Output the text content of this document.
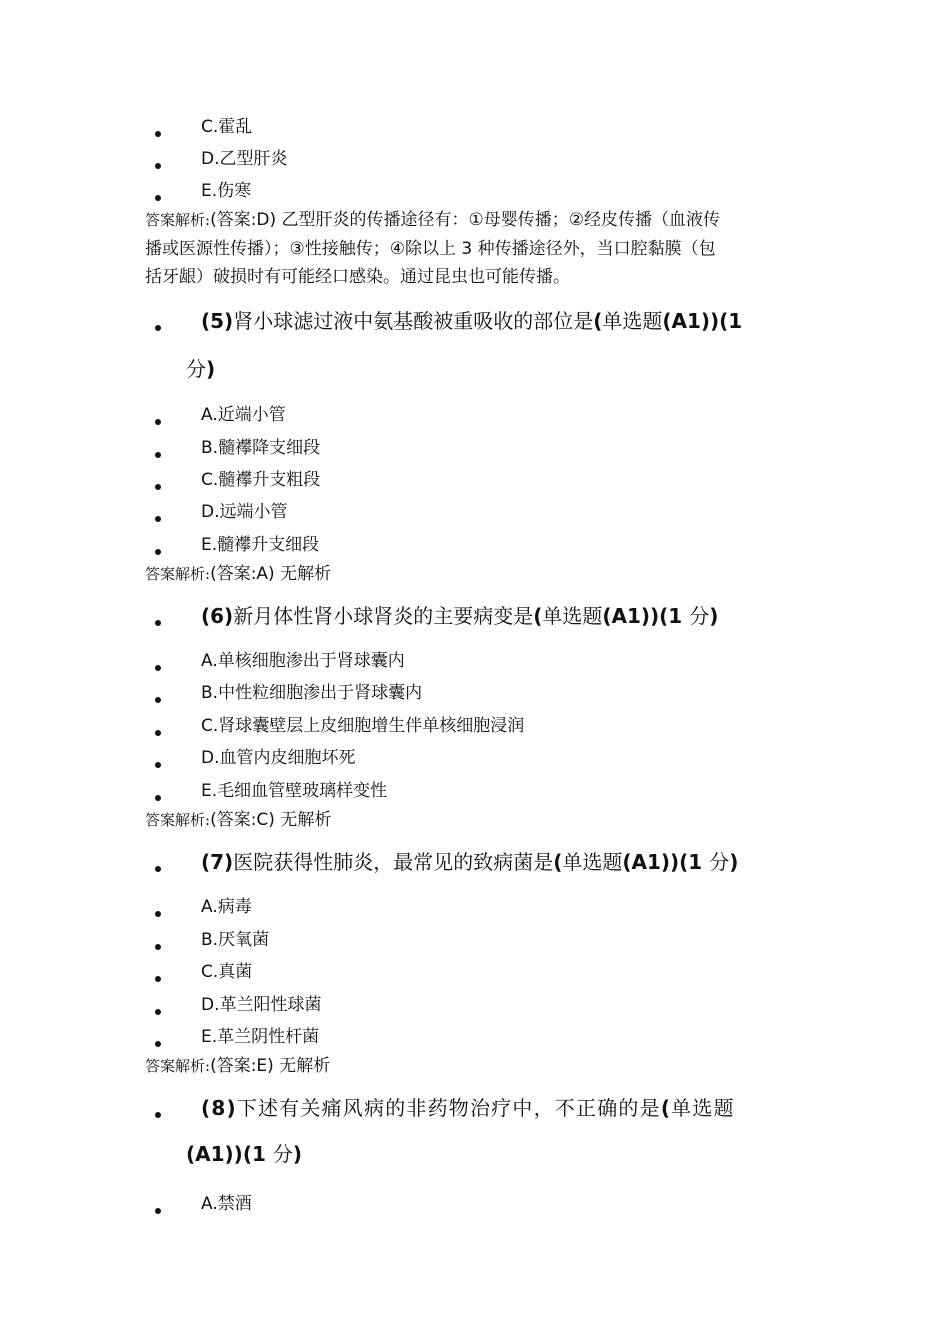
C.霍乱
D.乙型肝炎
E.伤寒
答案解析:(答案:D) 乙型肝炎的传播途径有：①母婴传播；②经皮传播（血液传
播或医源性传播）；③性接触传；④除以上 3 种传播途径外，当口腔黏膜（包
括牙龈）破损时有可能经口感染。通过昆虫也可能传播。
(5)肾小球滤过液中氨基酸被重吸收的部位是(单选题(A1))(1
分)
A.近端小管
B.髓襻降支细段
C.髓襻升支粗段
D.远端小管
E.髓襻升支细段
答案解析:(答案:A) 无解析
(6)新月体性肾小球肾炎的主要病变是(单选题(A1))(1 分)
A.单核细胞渗出于肾球囊内
B.中性粒细胞渗出于肾球囊内
C.肾球囊壁层上皮细胞增生伴单核细胞浸润
D.血管内皮细胞坏死
E.毛细血管壁玻璃样变性
答案解析:(答案:C) 无解析
(7)医院获得性肺炎，最常见的致病菌是(单选题(A1))(1 分)
A.病毒
B.厌氧菌
C.真菌
D.革兰阳性球菌
E.革兰阴性杆菌
答案解析:(答案:E) 无解析
(8)下述有关痛风病的非药物治疗中，不正确的是(单选题
(A1))(1 分)
A.禁酒
